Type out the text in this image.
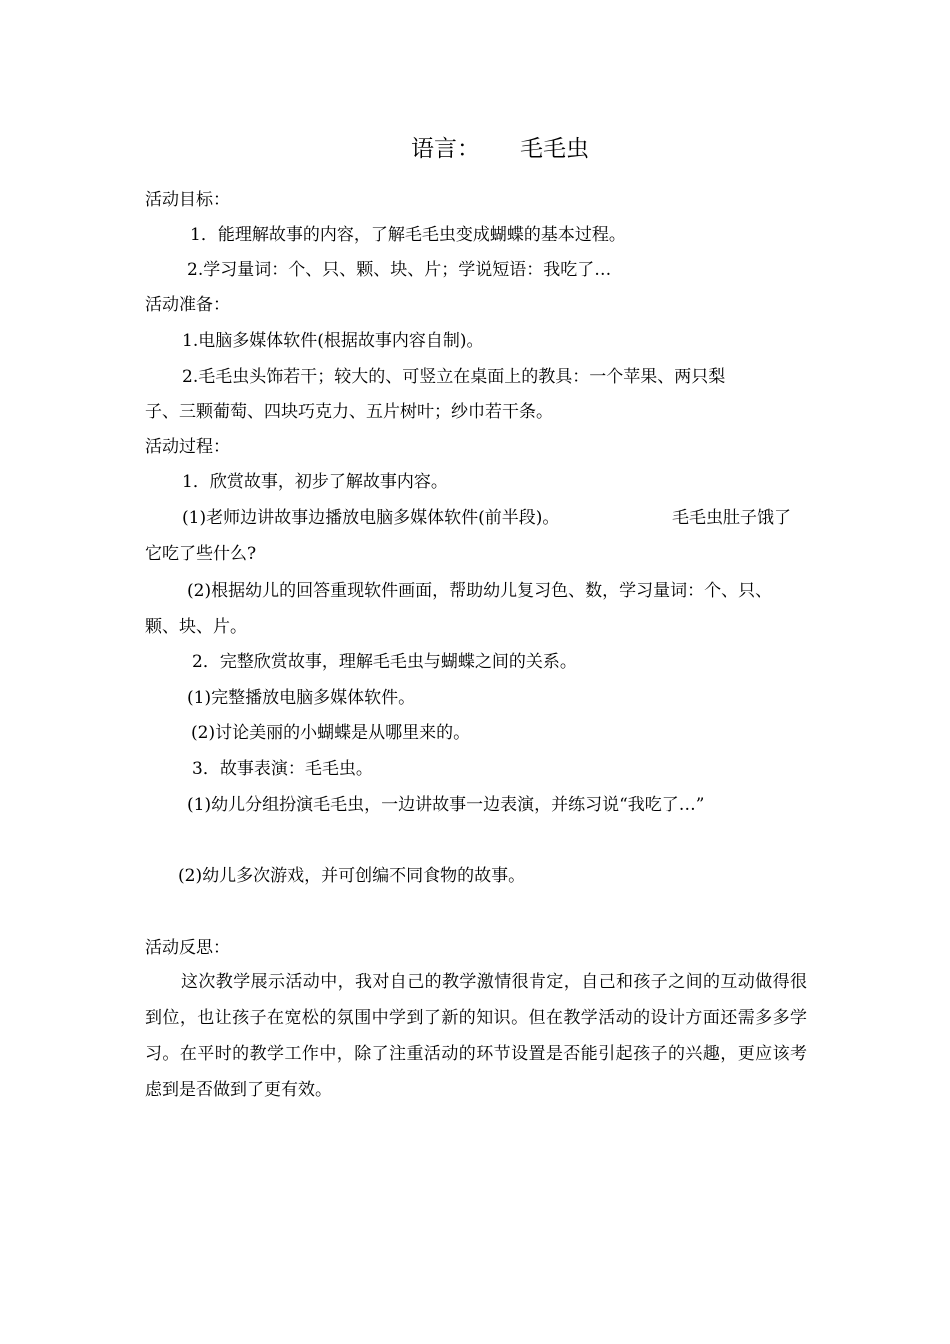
语言： 毛毛虫
活动目标：
1．能理解故事的内容，了解毛毛虫变成蝴蝶的基本过程。
2.学习量词：个、只、颗、块、片；学说短语：我吃了…
活动准备：
1.电脑多媒体软件(根据故事内容自制)。
2.毛毛虫头饰若干；较大的、可竖立在桌面上的教具：一个苹果、两只梨
子、三颗葡萄、四块巧克力、五片树叶；纱巾若干条。
活动过程：
1．欣赏故事，初步了解故事内容。
(1)老师边讲故事边播放电脑多媒体软件(前半段)。	毛毛虫肚子饿了
它吃了些什么?
(2)根据幼儿的回答重现软件画面，帮助幼儿复习色、数，学习量词：个、只、
颗、块、片。
2．完整欣赏故事，理解毛毛虫与蝴蝶之间的关系。
(1)完整播放电脑多媒体软件。
(2)讨论美丽的小蝴蝶是从哪里来的。
3．故事表演：毛毛虫。
(1)幼儿分组扮演毛毛虫，一边讲故事一边表演，并练习说“我吃了…”
(2)幼儿多次游戏，并可创编不同食物的故事。
活动反思：
这次教学展示活动中，我对自己的教学激情很肯定，自己和孩子之间的互动做得很到位，也让孩子在宽松的氛围中学到了新的知识。但在教学活动的设计方面还需多多学习。在平时的教学工作中，除了注重活动的环节设置是否能引起孩子的兴趣，更应该考虑到是否做到了更有效。
